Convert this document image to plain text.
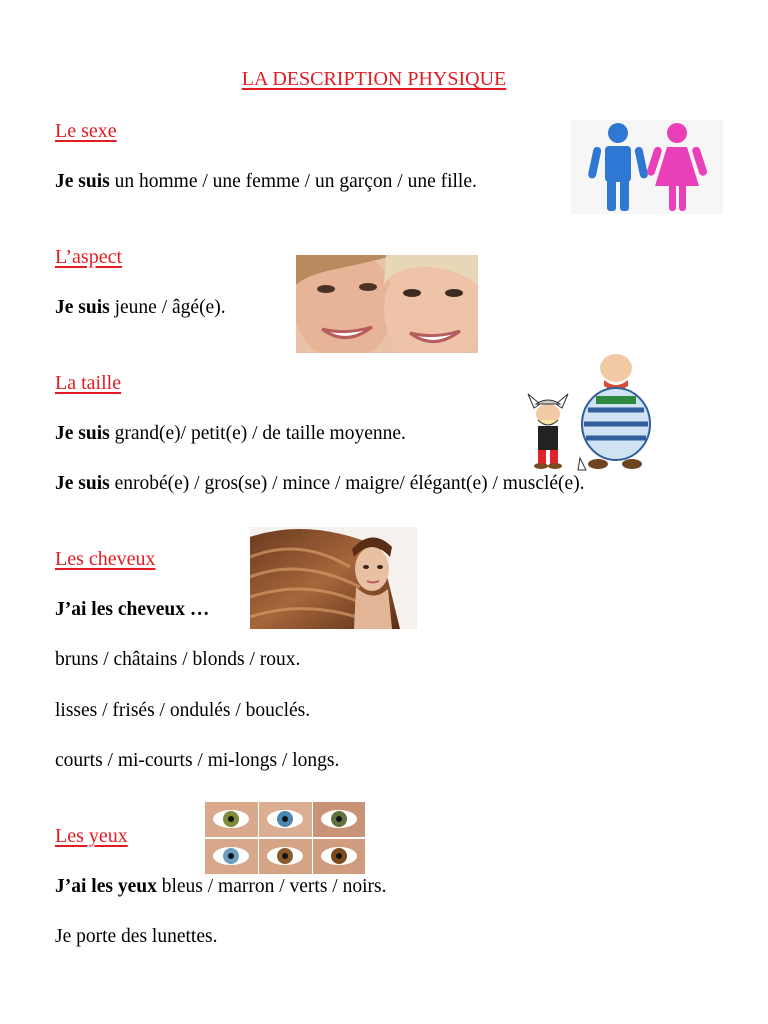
LA DESCRIPTION PHYSIQUE
Le sexe
Je suis un homme / une femme / un garçon / une fille.
L’aspect
Je suis jeune / âgé(e).
La taille
Je suis grand(e)/ petit(e) / de taille moyenne.
Je suis enrobé(e) / gros(se) / mince / maigre/ élégant(e) / musclé(e).
Les cheveux
J’ai les cheveux …
bruns / châtains / blonds / roux.
lisses / frisés / ondulés / bouclés.
courts / mi-courts / mi-longs / longs.
Les yeux
J’ai les yeux bleus / marron / verts / noirs.
Je porte des lunettes.
